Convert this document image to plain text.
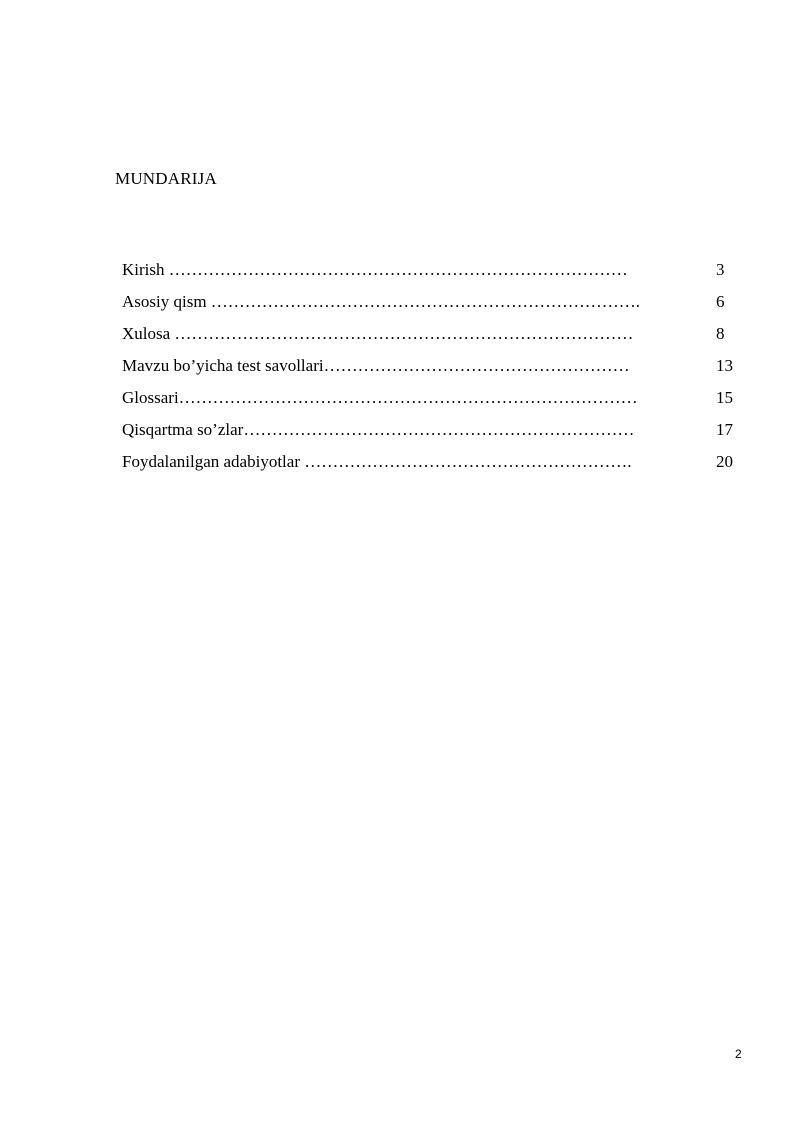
MUNDARIJA
Kirish ………………………………………………………………………	3
Asosiy qism ………………………………………………………………….	6
Xulosa ………………………………………………………………………	8
Mavzu bo’yicha test savollari………………………………………………	13
Glossari………………………………………………………………………	15
Qisqartma so’zlar……………………………………………………………	17
Foydalanilgan adabiyotlar ………………………………………………….	20
2
